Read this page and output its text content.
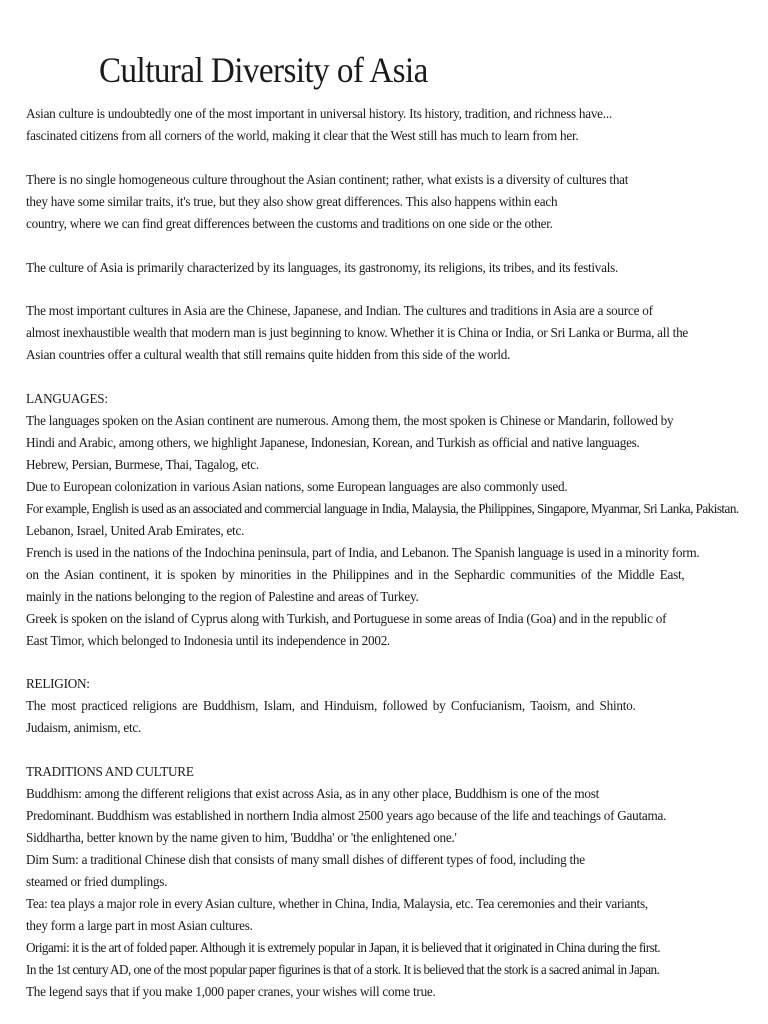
Cultural Diversity of Asia
Asian culture is undoubtedly one of the most important in universal history. Its history, tradition, and richness have...
fascinated citizens from all corners of the world, making it clear that the West still has much to learn from her.
There is no single homogeneous culture throughout the Asian continent; rather, what exists is a diversity of cultures that
they have some similar traits, it's true, but they also show great differences. This also happens within each
country, where we can find great differences between the customs and traditions on one side or the other.
The culture of Asia is primarily characterized by its languages, its gastronomy, its religions, its tribes, and its festivals.
The most important cultures in Asia are the Chinese, Japanese, and Indian. The cultures and traditions in Asia are a source of
almost inexhaustible wealth that modern man is just beginning to know. Whether it is China or India, or Sri Lanka or Burma, all the
Asian countries offer a cultural wealth that still remains quite hidden from this side of the world.
LANGUAGES:
The languages spoken on the Asian continent are numerous. Among them, the most spoken is Chinese or Mandarin, followed by
Hindi and Arabic, among others, we highlight Japanese, Indonesian, Korean, and Turkish as official and native languages.
Hebrew, Persian, Burmese, Thai, Tagalog, etc.
Due to European colonization in various Asian nations, some European languages are also commonly used.
For example, English is used as an associated and commercial language in India, Malaysia, the Philippines, Singapore, Myanmar, Sri Lanka, Pakistan.
Lebanon, Israel, United Arab Emirates, etc.
French is used in the nations of the Indochina peninsula, part of India, and Lebanon. The Spanish language is used in a minority form.
on the Asian continent, it is spoken by minorities in the Philippines and in the Sephardic communities of the Middle East,
mainly in the nations belonging to the region of Palestine and areas of Turkey.
Greek is spoken on the island of Cyprus along with Turkish, and Portuguese in some areas of India (Goa) and in the republic of
East Timor, which belonged to Indonesia until its independence in 2002.
RELIGION:
The most practiced religions are Buddhism, Islam, and Hinduism, followed by Confucianism, Taoism, and Shinto.
Judaism, animism, etc.
TRADITIONS AND CULTURE
Buddhism: among the different religions that exist across Asia, as in any other place, Buddhism is one of the most
Predominant. Buddhism was established in northern India almost 2500 years ago because of the life and teachings of Gautama.
Siddhartha, better known by the name given to him, 'Buddha' or 'the enlightened one.'
Dim Sum: a traditional Chinese dish that consists of many small dishes of different types of food, including the
steamed or fried dumplings.
Tea: tea plays a major role in every Asian culture, whether in China, India, Malaysia, etc. Tea ceremonies and their variants,
they form a large part in most Asian cultures.
Origami: it is the art of folded paper. Although it is extremely popular in Japan, it is believed that it originated in China during the first.
In the 1st century AD, one of the most popular paper figurines is that of a stork. It is believed that the stork is a sacred animal in Japan.
The legend says that if you make 1,000 paper cranes, your wishes will come true.
